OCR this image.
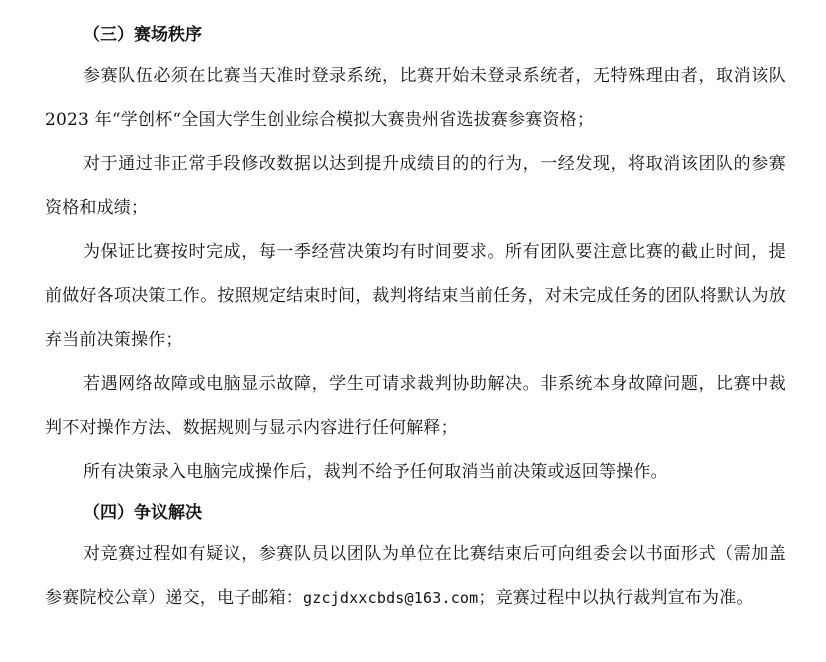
（三）赛场秩序

参赛队伍必须在比赛当天准时登录系统，比赛开始未登录系统者，无特殊理由者，取消该队 2023 年“学创杯“全国大学生创业综合模拟大赛贵州省选拔赛参赛资格；

对于通过非正常手段修改数据以达到提升成绩目的的行为，一经发现，将取消该团队的参赛资格和成绩；

为保证比赛按时完成，每一季经营决策均有时间要求。所有团队要注意比赛的截止时间，提前做好各项决策工作。按照规定结束时间，裁判将结束当前任务，对未完成任务的团队将默认为放弃当前决策操作；

若遇网络故障或电脑显示故障，学生可请求裁判协助解决。非系统本身故障问题，比赛中裁判不对操作方法、数据规则与显示内容进行任何解释；

所有决策录入电脑完成操作后，裁判不给予任何取消当前决策或返回等操作。

（四）争议解决

对竞赛过程如有疑议，参赛队员以团队为单位在比赛结束后可向组委会以书面形式（需加盖参赛院校公章）递交，电子邮箱：gzcjdxxcbds@163.com；竞赛过程中以执行裁判宣布为准。
